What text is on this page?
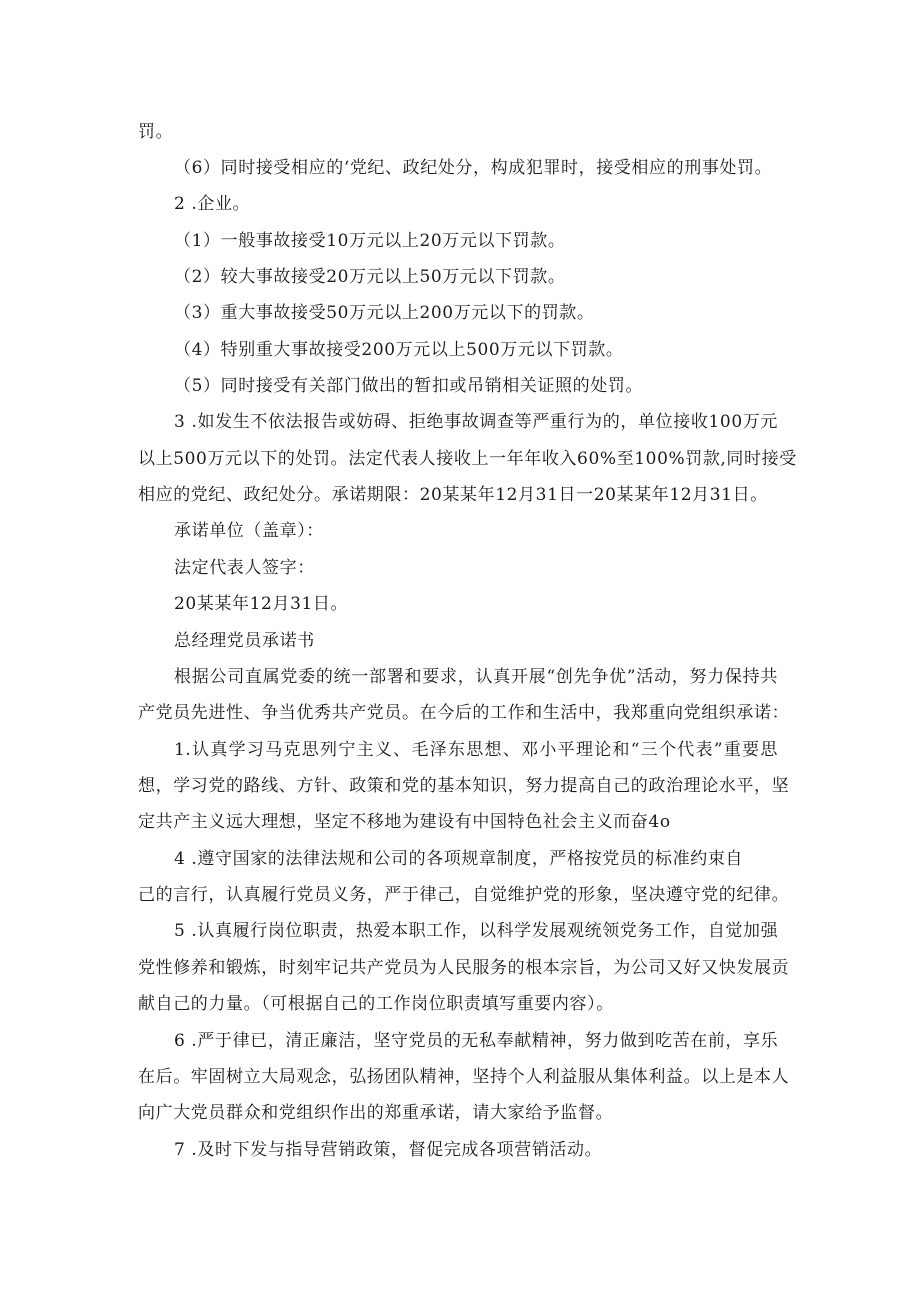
罚。
（6）同时接受相应的‘党纪、政纪处分，构成犯罪时，接受相应的刑事处罚。
2 .企业。
（1）一般事故接受10万元以上20万元以下罚款。
（2）较大事故接受20万元以上50万元以下罚款。
（3）重大事故接受50万元以上200万元以下的罚款。
（4）特别重大事故接受200万元以上500万元以下罚款。
（5）同时接受有关部门做出的暂扣或吊销相关证照的处罚。
3 .如发生不依法报告或妨碍、拒绝事故调查等严重行为的，单位接收100万元
以上500万元以下的处罚。法定代表人接收上一年年收入60%至100%罚款,同时接受
相应的党纪、政纪处分。承诺期限：20某某年12月31日一20某某年12月31日。
承诺单位（盖章）：
法定代表人签字：
20某某年12月31日。
总经理党员承诺书
根据公司直属党委的统一部署和要求，认真开展“创先争优”活动，努力保持共
产党员先进性、争当优秀共产党员。在今后的工作和生活中，我郑重向党组织承诺：
1.认真学习马克思列宁主义、毛泽东思想、邓小平理论和“三个代表”重要思
想，学习党的路线、方针、政策和党的基本知识，努力提高自己的政治理论水平，坚
定共产主义远大理想，坚定不移地为建设有中国特色社会主义而奋4o
4 .遵守国家的法律法规和公司的各项规章制度，严格按党员的标准约束自
己的言行，认真履行党员义务，严于律己，自觉维护党的形象，坚决遵守党的纪律。
5 .认真履行岗位职责，热爱本职工作，以科学发展观统领党务工作，自觉加强
党性修养和锻炼，时刻牢记共产党员为人民服务的根本宗旨，为公司又好又快发展贡
献自己的力量。（可根据自己的工作岗位职责填写重要内容）。
6 .严于律已，清正廉洁，坚守党员的无私奉献精神，努力做到吃苦在前，享乐
在后。牢固树立大局观念，弘扬团队精神，坚持个人利益服从集体利益。以上是本人
向广大党员群众和党组织作出的郑重承诺，请大家给予监督。
7 .及时下发与指导营销政策，督促完成各项营销活动。
